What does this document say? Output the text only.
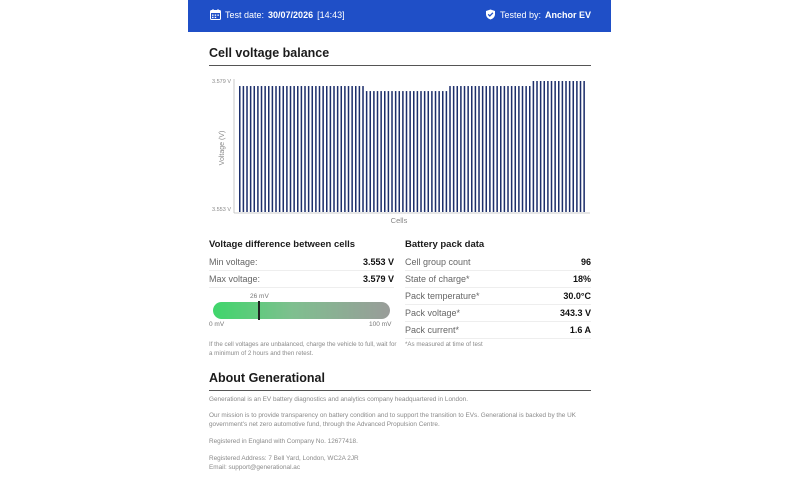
Test date: 30/07/2026 [14:43]	Tested by: Anchor EV
Cell voltage balance
3.579 V
3.553 V
Voltage (V)
Cells
Voltage difference between cells
Min voltage:	3.553 V
Max voltage:	3.579 V
26 mV
0 mV	100 mV
If the cell voltages are unbalanced, charge the vehicle to full, wait for a minimum of 2 hours and then retest.
Battery pack data
Cell group count	96
State of charge*	18%
Pack temperature*	30.0°C
Pack voltage*	343.3 V
Pack current*	1.6 A
*As measured at time of test
About Generational
Generational is an EV battery diagnostics and analytics company headquartered in London.
Our mission is to provide transparency on battery condition and to support the transition to EVs. Generational is backed by the UK government's net zero automotive fund, through the Advanced Propulsion Centre.
Registered in England with Company No. 12677418.
Registered Address: 7 Bell Yard, London, WC2A 2JR
Email: support@generational.ac
